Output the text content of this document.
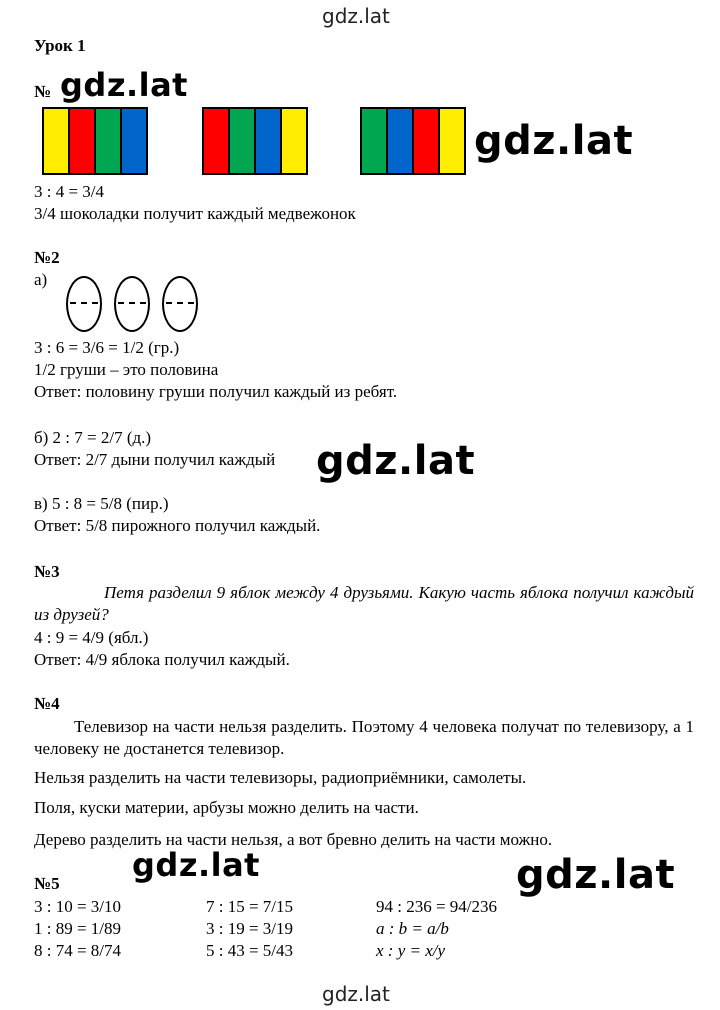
gdz.lat
Урок 1
№ gdz.lat
gdz.lat
3 : 4 = 3/4
3/4 шоколадки получит каждый медвежонок
№2
а)
3 : 6 = 3/6 = 1/2 (гр.)
1/2 груши – это половина
Ответ: половину груши получил каждый из ребят.
б) 2 : 7 = 2/7 (д.)
Ответ: 2/7 дыни получил каждый gdz.lat
в) 5 : 8 = 5/8 (пир.)
Ответ: 5/8 пирожного получил каждый.
№3
Петя разделил 9 яблок между 4 друзьями. Какую часть яблока получил каждый из друзей?
4 : 9 = 4/9 (ябл.)
Ответ: 4/9 яблока получил каждый.
№4
Телевизор на части нельзя разделить. Поэтому 4 человека получат по телевизору, а 1 человеку не достанется телевизор.
Нельзя разделить на части телевизоры, радиоприёмники, самолеты.
Поля, куски материи, арбузы можно делить на части.
Дерево разделить на части нельзя, а вот бревно делить на части можно.
gdz.lat	gdz.lat
№5
3 : 10 = 3/10
1 : 89 = 1/89
8 : 74 = 8/74
7 : 15 = 7/15
3 : 19 = 3/19
5 : 43 = 5/43
94 : 236 = 94/236
a : b = a/b
x : y = x/y
gdz.lat
